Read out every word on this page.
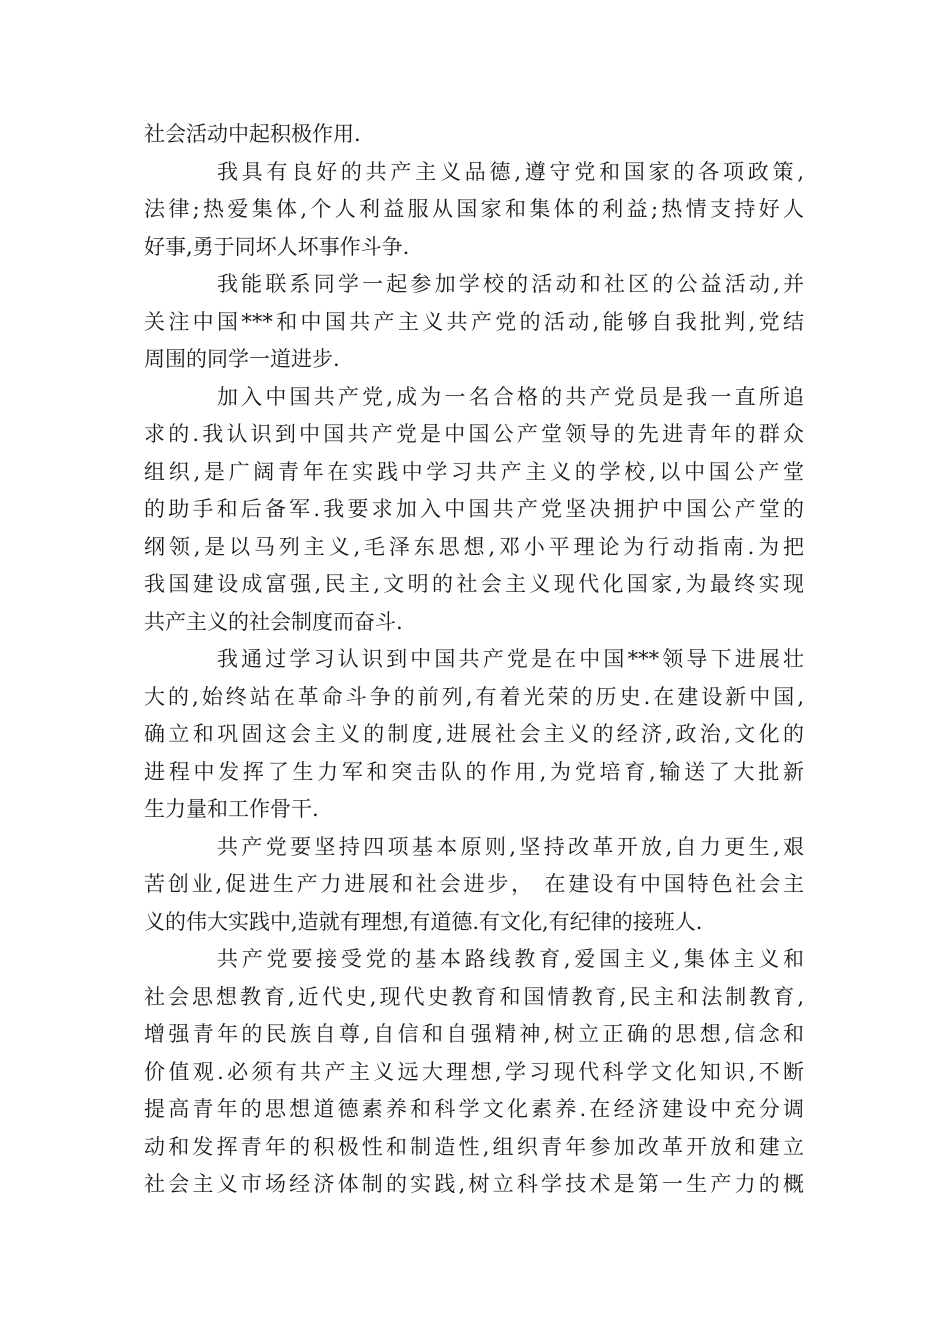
社会活动中起积极作用.
我具有良好的共产主义品德,遵守党和国家的各项政策,
法律;热爱集体,个人利益服从国家和集体的利益;热情支持好人
好事,勇于同坏人坏事作斗争.
我能联系同学一起参加学校的活动和社区的公益活动,并
关注中国***和中国共产主义共产党的活动,能够自我批判,党结
周围的同学一道进步.
加入中国共产党,成为一名合格的共产党员是我一直所追
求的.我认识到中国共产党是中国公产堂领导的先进青年的群众
组织,是广阔青年在实践中学习共产主义的学校,以中国公产堂
的助手和后备军.我要求加入中国共产党坚决拥护中国公产堂的
纲领,是以马列主义,毛泽东思想,邓小平理论为行动指南.为把
我国建设成富强,民主,文明的社会主义现代化国家,为最终实现
共产主义的社会制度而奋斗.
我通过学习认识到中国共产党是在中国***领导下进展壮
大的,始终站在革命斗争的前列,有着光荣的历史.在建设新中国,
确立和巩固这会主义的制度,进展社会主义的经济,政治,文化的
进程中发挥了生力军和突击队的作用,为党培育,输送了大批新
生力量和工作骨干.
共产党要坚持四项基本原则,坚持改革开放,自力更生,艰
苦创业,促进生产力进展和社会进步， 在建设有中国特色社会主
义的伟大实践中,造就有理想,有道德.有文化,有纪律的接班人.
共产党要接受党的基本路线教育,爱国主义,集体主义和
社会思想教育,近代史,现代史教育和国情教育,民主和法制教育,
增强青年的民族自尊,自信和自强精神,树立正确的思想,信念和
价值观.必须有共产主义远大理想,学习现代科学文化知识,不断
提高青年的思想道德素养和科学文化素养.在经济建设中充分调
动和发挥青年的积极性和制造性,组织青年参加改革开放和建立
社会主义市场经济体制的实践,树立科学技术是第一生产力的概
